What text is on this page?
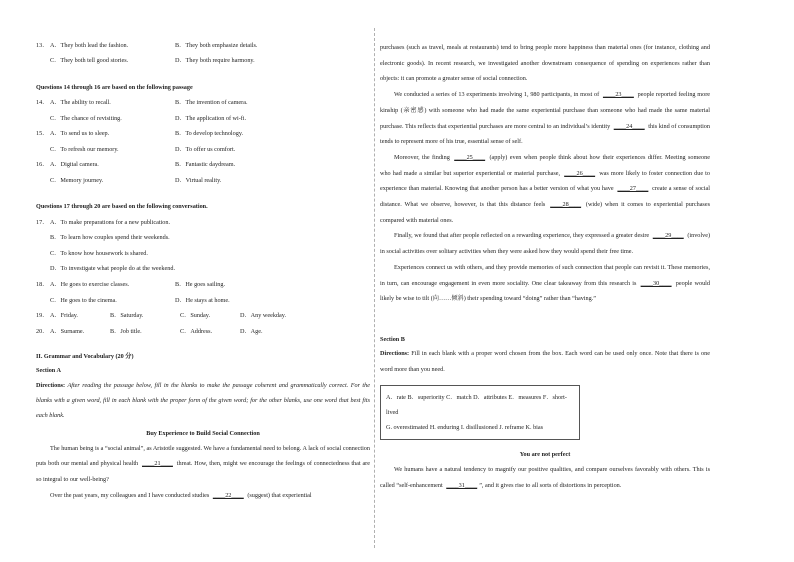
13． A．They both lead the fashion.	B．They both emphasize details.
C．They both tell good stories.	D．They both require harmony.
Questions 14 through 16 are based on the following passage
14． A．The ability to recall.	B．The invention of camera.
C．The chance of revisiting.	D．The application of wi-fi.
15． A．To send us to sleep.	B．To develop technology.
C．To refresh our memory.	D．To offer us comfort.
16． A．Digital camera.	B．Fantastic daydream.
C．Memory journey.	D．Virtual reality.
Questions 17 through 20 are based on the following conversation.
17． A．To make preparations for a new publication.
B．To learn how couples spend their weekends.
C．To know how housework is shared.
D．To investigate what people do at the weekend.
18． A．He goes to exercise classes.	B．He goes sailing.
C．He goes to the cinema.	D．He stays at home.
19． A．Friday.	B．Saturday.	C．Sunday.	D．Any weekday.
20． A．Surname.	B．Job title.	C．Address.	D．Age.
II. Grammar and Vocabulary (20 分)
Section A

Directions: After reading the passage below, fill in the blanks to make the passage coherent and grammatically correct. For the blanks with a given word, fill in each blank with the proper form of the given word; for the other blanks, use one word that best fits each blank.

Buy Experience to Build Social Connection

The human being is a “social animal”, as Aristotle suggested. We have a fundamental need to belong. A lack of social connection puts both our mental and physical health ____21____ threat. How, then, might we encourage the feelings of connectedness that are so integral to our well-being?

Over the past years, my colleagues and I have conducted studies ____22____ (suggest) that experiential

purchases (such as travel, meals at restaurants) tend to bring people more happiness than material ones (for instance, clothing and electronic goods). In recent research, we investigated another downstream consequence of spending on experiences rather than objects: it can promote a greater sense of social connection.

We conducted a series of 13 experiments involving 1, 980 participants, in most of ____23____ people reported feeling more kinship (亲密感) with someone who had made the same experiential purchase than someone who had made the same material purchase. This reflects that experiential purchases are more central to an individual’s identity ____24____ this kind of consumption tends to represent more of his true, essential sense of self.

Moreover, the finding ____25____ (apply) even when people think about how their experiences differ. Meeting someone who had made a similar but superior experiential or material purchase, ____26____ was more likely to foster connection due to experience than material. Knowing that another person has a better version of what you have ____27____ create a sense of social distance. What we observe, however, is that this distance feels ____28____ (wide) when it comes to experiential purchases compared with material ones.

Finally, we found that after people reflected on a rewarding experience, they expressed a greater desire ____29____ (involve) in social activities over solitary activities when they were asked how they would spend their free time.

Experiences connect us with others, and they provide memories of such connection that people can revisit it. These memories, in turn, can encourage engagement in even more sociality. One clear takeaway from this research is ____30____ people would likely be wise to tilt (向……倾斜) their spending toward “doing” rather than “having.”

Section B

Directions: Fill in each blank with a proper word chosen from the box. Each word can be used only once. Note that there is one word more than you need.

A．rate B．superiority C．match D．attributes E．measures F．short-lived
G. overestimated H. enduring I. disillusioned J. reframe K. bias
You are not perfect

We humans have a natural tendency to magnify our positive qualities, and compare ourselves favorably with others. This is called “self-enhancement ____31____ ”, and it gives rise to all sorts of distortions in perception.
